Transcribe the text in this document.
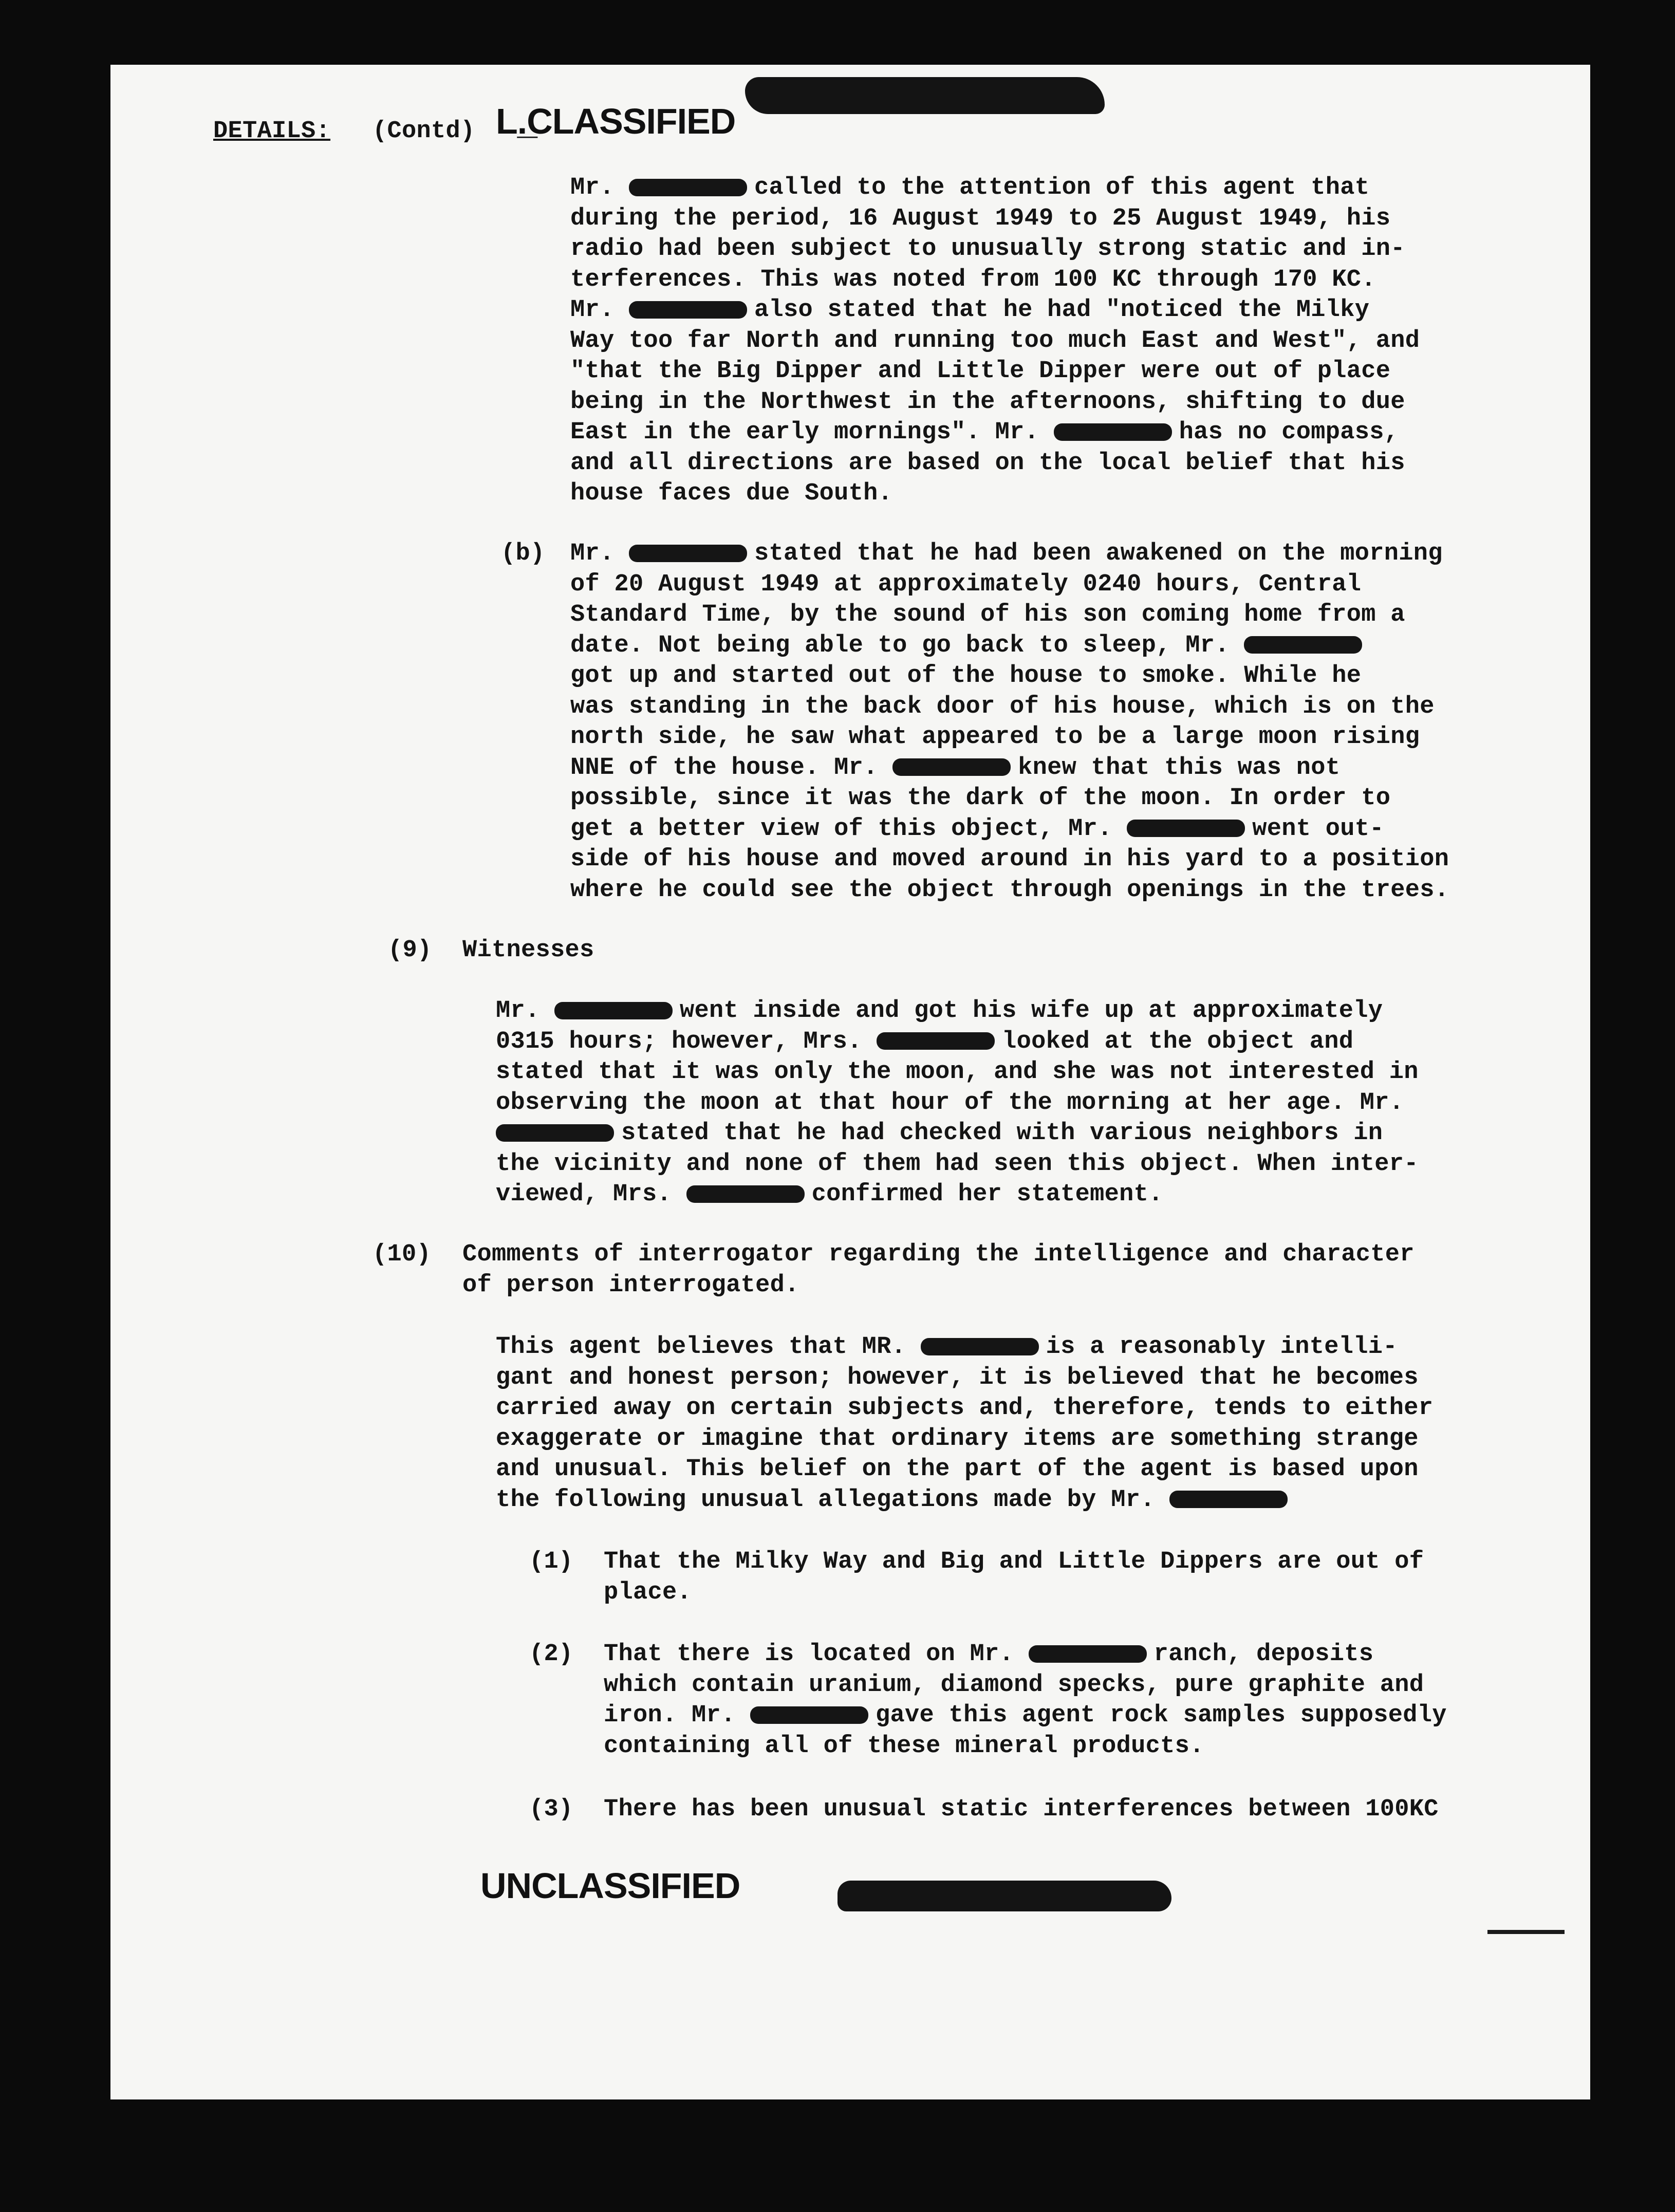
DETAILS: (Contd) L.̲CLASSIFIED
Mr.	called to the attention of this agent that
during the period, 16 August 1949 to 25 August 1949, his
radio had been subject to unusually strong static and in-
terferences. This was noted from 100 KC through 170 KC.
Mr.	also stated that he had "noticed the Milky
Way too far North and running too much East and West", and
"that the Big Dipper and Little Dipper were out of place
being in the Northwest in the afternoons, shifting to due
East in the early mornings". Mr.	has no compass,
and all directions are based on the local belief that his
house faces due South.
(b) Mr.	stated that he had been awakened on the morning
of 20 August 1949 at approximately 0240 hours, Central
Standard Time, by the sound of his son coming home from a
date. Not being able to go back to sleep, Mr.
got up and started out of the house to smoke. While he
was standing in the back door of his house, which is on the
north side, he saw what appeared to be a large moon rising
NNE of the house. Mr.	knew that this was not
possible, since it was the dark of the moon. In order to
get a better view of this object, Mr.	went out-
side of his house and moved around in his yard to a position
where he could see the object through openings in the trees.
(9) Witnesses
Mr.	went inside and got his wife up at approximately
0315 hours; however, Mrs.	looked at the object and
stated that it was only the moon, and she was not interested in
observing the moon at that hour of the morning at her age. Mr.
stated that he had checked with various neighbors in
the vicinity and none of them had seen this object. When inter-
viewed, Mrs.	confirmed her statement.
(10) Comments of interrogator regarding the intelligence and character
of person interrogated.
This agent believes that MR.	is a reasonably intelli-
gant and honest person; however, it is believed that he becomes
carried away on certain subjects and, therefore, tends to either
exaggerate or imagine that ordinary items are something strange
and unusual. This belief on the part of the agent is based upon
the following unusual allegations made by Mr.
(1) That the Milky Way and Big and Little Dippers are out of
place.
(2) That there is located on Mr.	ranch, deposits
which contain uranium, diamond specks, pure graphite and
iron. Mr.	gave this agent rock samples supposedly
containing all of these mineral products.
(3) There has been unusual static interferences between 100KC
UNCLASSIFIED
